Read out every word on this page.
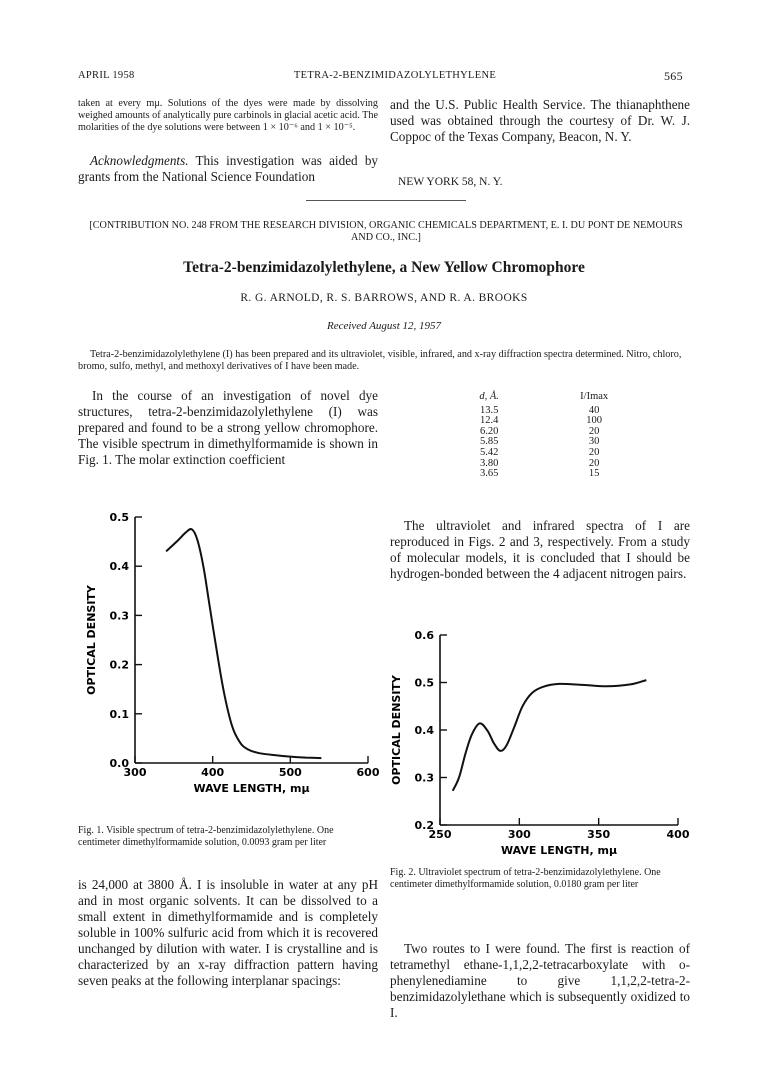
APRIL 1958	TETRA-2-BENZIMIDAZOLYLETHYLENE	565
taken at every mμ. Solutions of the dyes were made by dissolving weighed amounts of analytically pure carbinols in glacial acetic acid. The molarities of the dye solutions were between 1 × 10⁻⁶ and 1 × 10⁻⁵.
Acknowledgments. This investigation was aided by grants from the National Science Foundation
and the U.S. Public Health Service. The thianaphthene used was obtained through the courtesy of Dr. W. J. Coppoc of the Texas Company, Beacon, N. Y.
NEW YORK 58, N. Y.
[CONTRIBUTION NO. 248 FROM THE RESEARCH DIVISION, ORGANIC CHEMICALS DEPARTMENT, E. I. DU PONT DE NEMOURS AND CO., INC.]
Tetra-2-benzimidazolylethylene, a New Yellow Chromophore
R. G. ARNOLD, R. S. BARROWS, AND R. A. BROOKS
Received August 12, 1957
Tetra-2-benzimidazolylethylene (I) has been prepared and its ultraviolet, visible, infrared, and x-ray diffraction spectra determined. Nitro, chloro, bromo, sulfo, methyl, and methoxyl derivatives of I have been made.
In the course of an investigation of novel dye structures, tetra-2-benzimidazolylethylene (I) was prepared and found to be a strong yellow chromophore. The visible spectrum in dimethylformamide is shown in Fig. 1. The molar extinction coefficient
d, Å.	I/Imax
13.5	40
12.4	100
6.20	20
5.85	30
5.42	20
3.80	20
3.65	15
The ultraviolet and infrared spectra of I are reproduced in Figs. 2 and 3, respectively. From a study of molecular models, it is concluded that I should be hydrogen-bonded between the 4 adjacent nitrogen pairs.
0.0
0.1
0.2
0.3
0.4
0.5
300	400	500	600
WAVE LENGTH, mμ
OPTICAL DENSITY
Fig. 1. Visible spectrum of tetra-2-benzimidazolylethylene. One centimeter dimethylformamide solution, 0.0093 gram per liter
0.2
0.3
0.4
0.5
0.6
250	300	350	400
WAVE LENGTH, mμ
OPTICAL DENSITY
Fig. 2. Ultraviolet spectrum of tetra-2-benzimidazolylethylene. One centimeter dimethylformamide solution, 0.0180 gram per liter
is 24,000 at 3800 Å. I is insoluble in water at any pH and in most organic solvents. It can be dissolved to a small extent in dimethylformamide and is completely soluble in 100% sulfuric acid from which it is recovered unchanged by dilution with water. I is crystalline and is characterized by an x-ray diffraction pattern having seven peaks at the following interplanar spacings:
Two routes to I were found. The first is reaction of tetramethyl ethane-1,1,2,2-tetracarboxylate with o-phenylenediamine to give 1,1,2,2-tetra-2-benzimidazolylethane which is subsequently oxidized to I.
